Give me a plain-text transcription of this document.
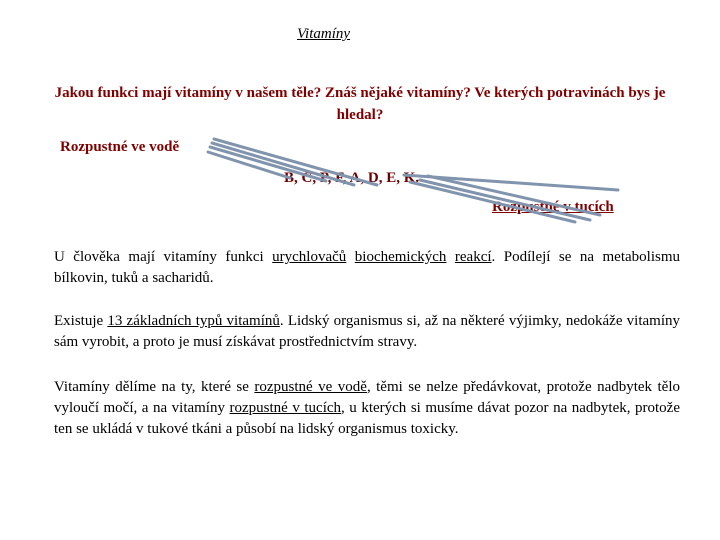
Vitamíny
Jakou funkci mají vitamíny v našem těle? Znáš nějaké vitamíny? Ve kterých potravinách bys je hledal?
Rozpustné ve vodě
B, C, P, F, A, D, E, K.
Rozpustné v tucích
U člověka mají vitamíny funkci urychlovačů biochemických reakcí. Podílejí se na metabolismu bílkovin, tuků a sacharidů.
Existuje 13 základních typů vitamínů. Lidský organismus si, až na některé výjimky, nedokáže vitamíny sám vyrobit, a proto je musí získávat prostřednictvím stravy.
Vitamíny dělíme na ty, které se rozpustné ve vodě, těmi se nelze předávkovat, protože nadbytek tělo vyloučí močí, a na vitamíny rozpustné v tucích, u kterých si musíme dávat pozor na nadbytek, protože ten se ukládá v tukové tkáni a působí na lidský organismus toxicky.
